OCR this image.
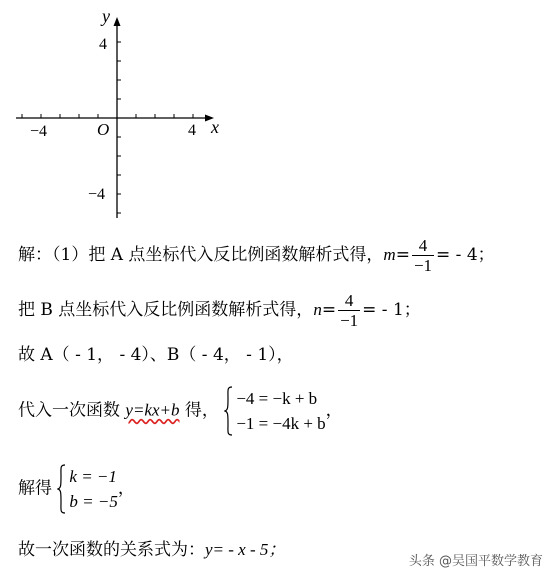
y
x
O
4
−4
−4	4
解：（1）把 A 点坐标代入反比例函数解析式得，$m= \frac{4}{-1}$ = - 4；
把 B 点坐标代入反比例函数解析式得，$n= \frac{4}{-1}$ = - 1；
故 A（ - 1， - 4）、B（ - 4， - 1），
代入一次函数 y=kx+b 得，
−4 = −k + b
−1 = −4k + b
，
解得
k = −1
b = −5
，
故一次函数的关系式为：y= - x - 5；
头条 @吴国平数学教育
